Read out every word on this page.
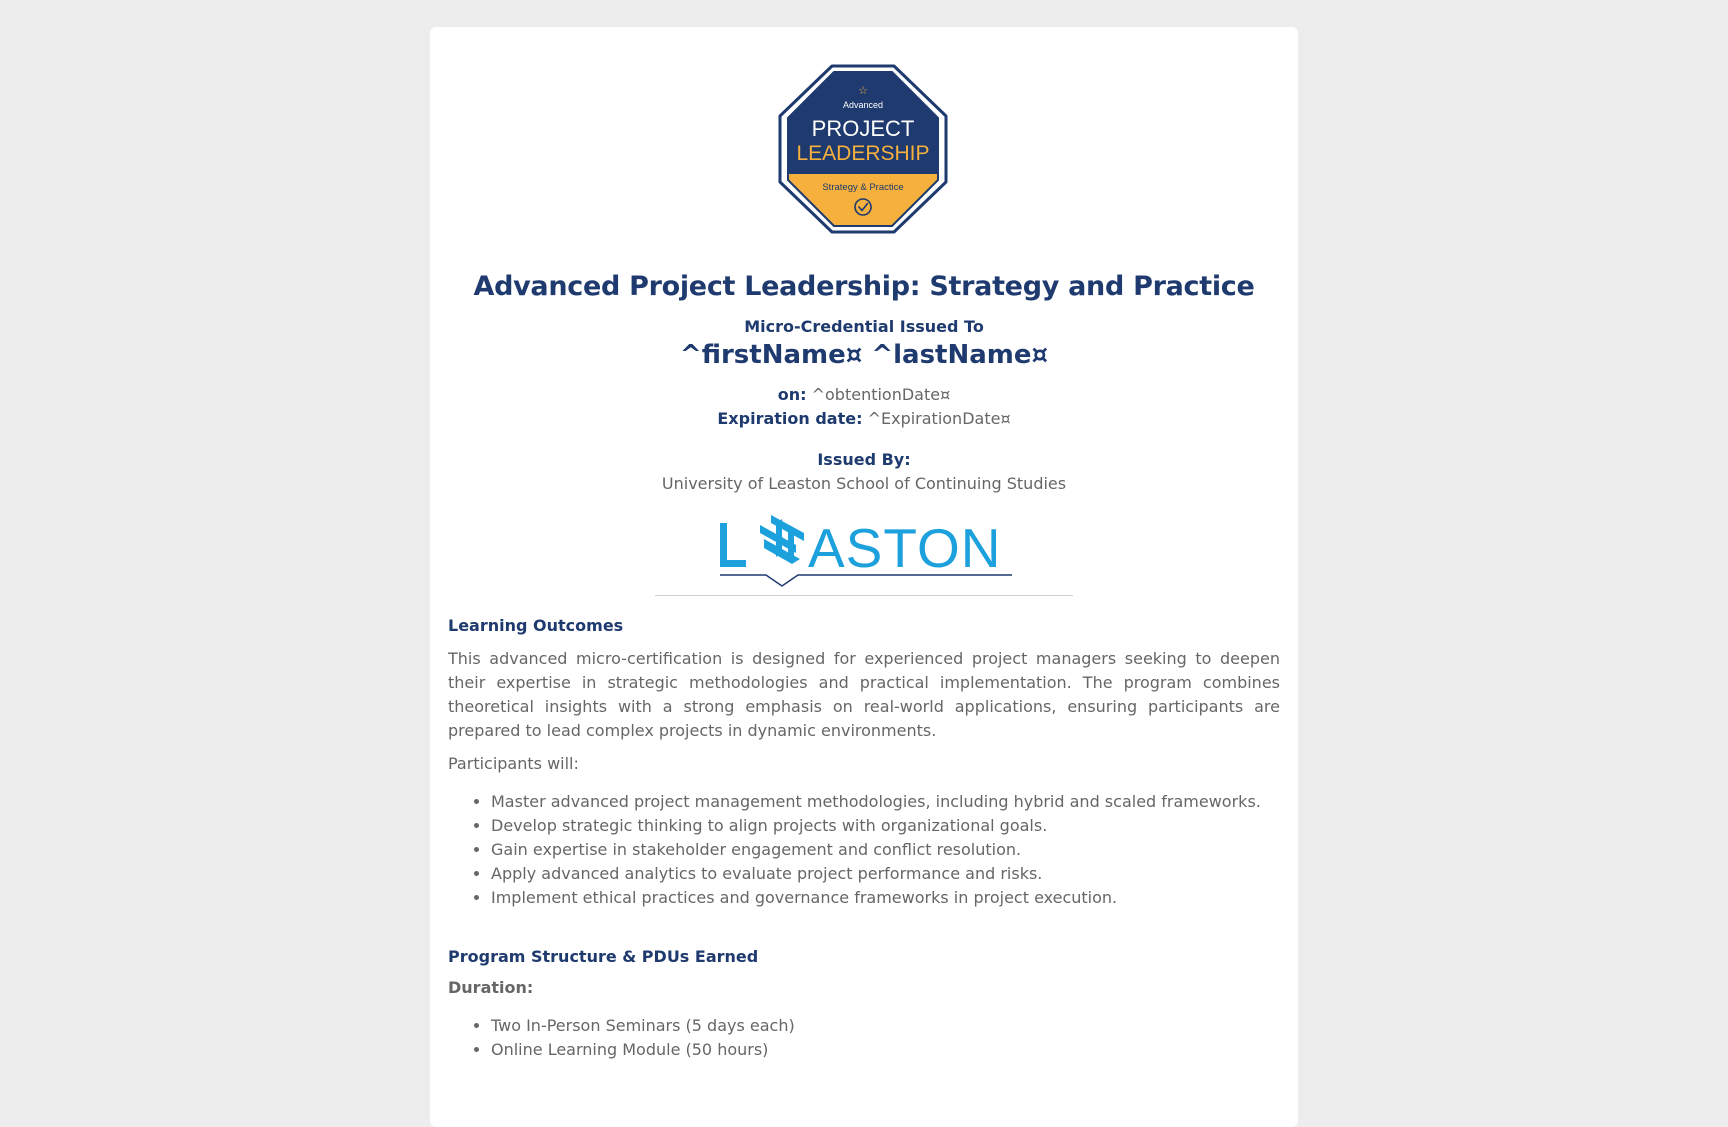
☆
Advanced
PROJECT
LEADERSHIP
Strategy & Practice
Advanced Project Leadership: Strategy and Practice
Micro-Credential Issued To
^firstName¤ ^lastName¤
on: ^obtentionDate¤
Expiration date: ^ExpirationDate¤
Issued By:
University of Leaston School of Continuing Studies
ASTON
Learning Outcomes
This advanced micro-certification is designed for experienced project managers seeking to deepen their expertise in strategic methodologies and practical implementation. The program combines theoretical insights with a strong emphasis on real-world applications, ensuring participants are prepared to lead complex projects in dynamic environments.
Participants will:
• Master advanced project management methodologies, including hybrid and scaled frameworks.
• Develop strategic thinking to align projects with organizational goals.
• Gain expertise in stakeholder engagement and conflict resolution.
• Apply advanced analytics to evaluate project performance and risks.
• Implement ethical practices and governance frameworks in project execution.
Program Structure & PDUs Earned
Duration:
• Two In-Person Seminars (5 days each)
• Online Learning Module (50 hours)
